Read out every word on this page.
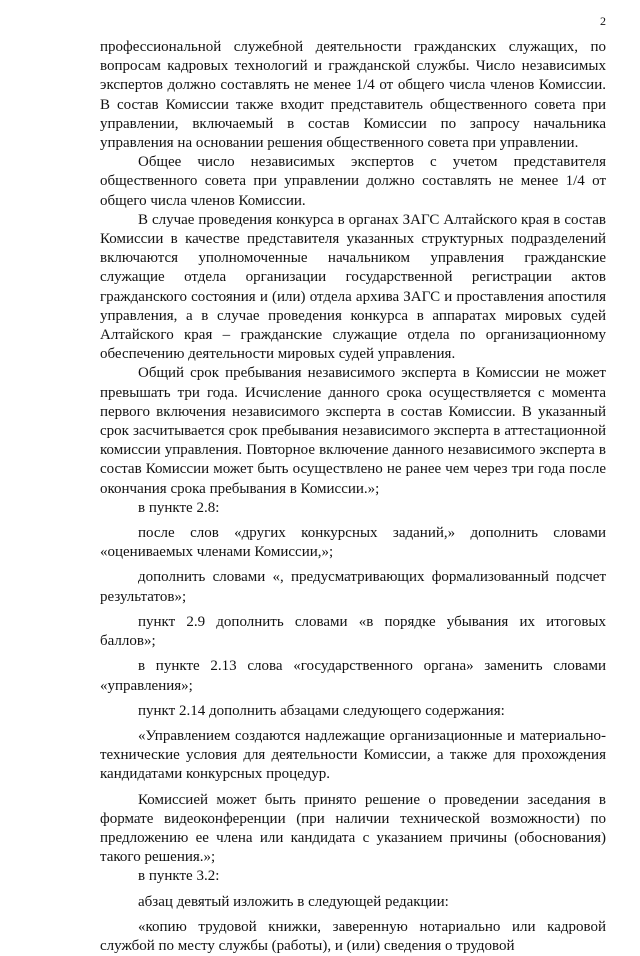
2

профессиональной служебной деятельности гражданских служащих, по вопросам кадровых технологий и гражданской службы. Число независимых экспертов должно составлять не менее 1/4 от общего числа членов Комиссии. В состав Комиссии также входит представитель общественного совета при управлении, включаемый в состав Комиссии по запросу начальника управления на основании решения общественного совета при управлении.

Общее число независимых экспертов с учетом представителя общественного совета при управлении должно составлять не менее 1/4 от общего числа членов Комиссии.

В случае проведения конкурса в органах ЗАГС Алтайского края в состав Комиссии в качестве представителя указанных структурных подразделений включаются уполномоченные начальником управления гражданские служащие отдела организации государственной регистрации актов гражданского состояния и (или) отдела архива ЗАГС и проставления апостиля управления, а в случае проведения конкурса в аппаратах мировых судей Алтайского края – гражданские служащие отдела по организационному обеспечению деятельности мировых судей управления.

Общий срок пребывания независимого эксперта в Комиссии не может превышать три года. Исчисление данного срока осуществляется с момента первого включения независимого эксперта в состав Комиссии. В указанный срок засчитывается срок пребывания независимого эксперта в аттестационной комиссии управления. Повторное включение данного независимого эксперта в состав Комиссии может быть осуществлено не ранее чем через три года после окончания срока пребывания в Комиссии.»;

в пункте 2.8:

после слов «других конкурсных заданий,» дополнить словами «оцениваемых членами Комиссии,»;

дополнить словами «, предусматривающих формализованный подсчет результатов»;

пункт 2.9 дополнить словами «в порядке убывания их итоговых баллов»;

в пункте 2.13 слова «государственного органа» заменить словами «управления»;

пункт 2.14 дополнить абзацами следующего содержания:

«Управлением создаются надлежащие организационные и материально-технические условия для деятельности Комиссии, а также для прохождения кандидатами конкурсных процедур.

Комиссией может быть принято решение о проведении заседания в формате видеоконференции (при наличии технической возможности) по предложению ее члена или кандидата с указанием причины (обоснования) такого решения.»;

в пункте 3.2:

абзац девятый изложить в следующей редакции:

«копию трудовой книжки, заверенную нотариально или кадровой службой по месту службы (работы), и (или) сведения о трудовой
